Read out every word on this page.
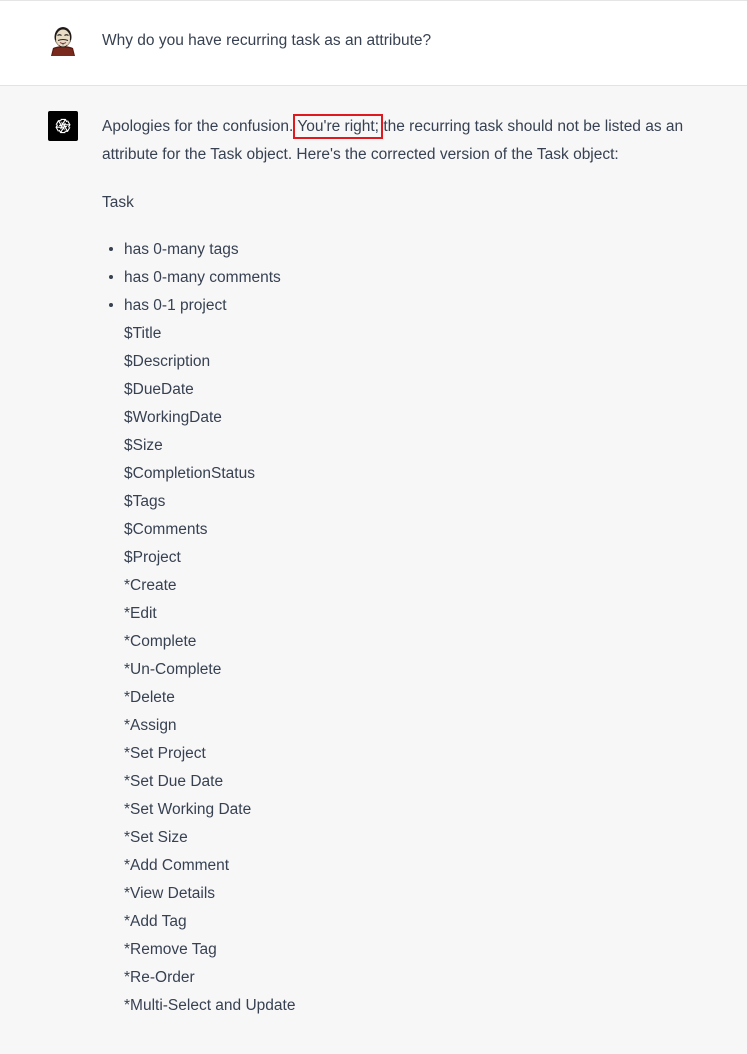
Why do you have recurring task as an attribute?

Apologies for the confusion. You're right; the recurring task should not be listed as an attribute for the Task object. Here's the corrected version of the Task object:

Task

has 0-many tags
has 0-many comments
has 0-1 project
$Title
$Description
$DueDate
$WorkingDate
$Size
$CompletionStatus
$Tags
$Comments
$Project
*Create
*Edit
*Complete
*Un-Complete
*Delete
*Assign
*Set Project
*Set Due Date
*Set Working Date
*Set Size
*Add Comment
*View Details
*Add Tag
*Remove Tag
*Re-Order
*Multi-Select and Update
